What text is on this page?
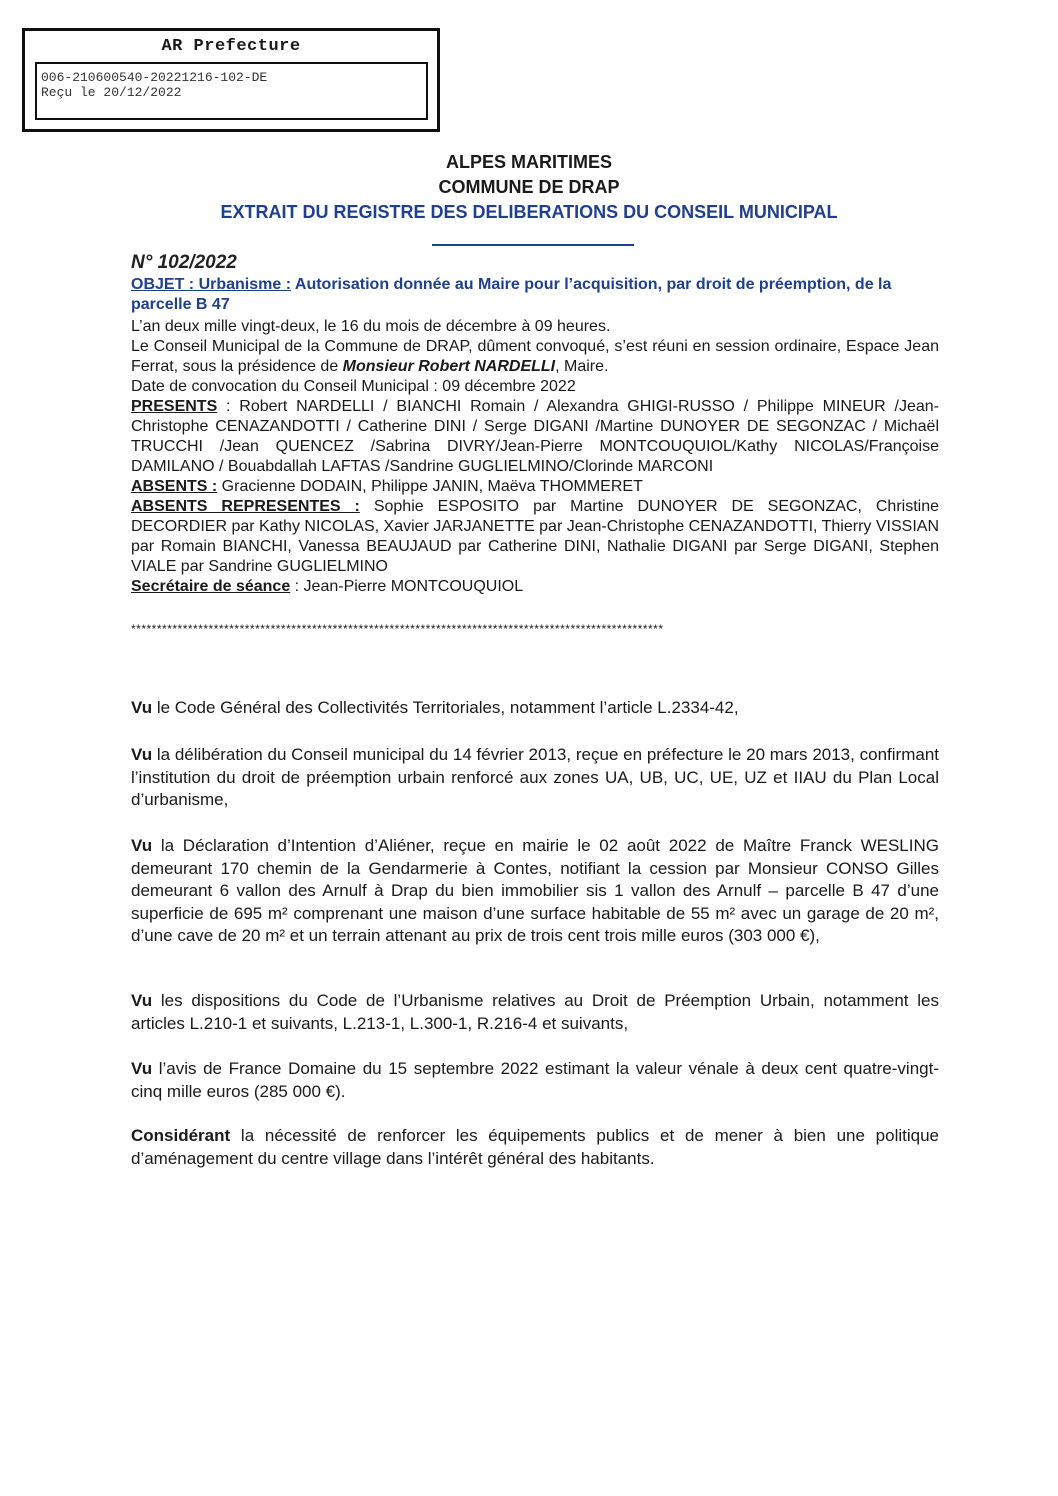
AR Prefecture
006-210600540-20221216-102-DE
Reçu le 20/12/2022
ALPES MARITIMES
COMMUNE DE DRAP
EXTRAIT DU REGISTRE DES DELIBERATIONS DU CONSEIL MUNICIPAL
N° 102/2022
OBJET : Urbanisme : Autorisation donnée au Maire pour l’acquisition, par droit de préemption, de la parcelle B 47

L’an deux mille vingt-deux, le 16 du mois de décembre à 09 heures.

Le Conseil Municipal de la Commune de DRAP, dûment convoqué, s’est réuni en session ordinaire, Espace Jean Ferrat, sous la présidence de Monsieur Robert NARDELLI, Maire.

Date de convocation du Conseil Municipal : 09 décembre 2022

PRESENTS : Robert NARDELLI / BIANCHI Romain / Alexandra GHIGI-RUSSO / Philippe MINEUR /Jean-Christophe CENAZANDOTTI / Catherine DINI / Serge DIGANI /Martine DUNOYER DE SEGONZAC / Michaël TRUCCHI /Jean QUENCEZ /Sabrina DIVRY/Jean-Pierre MONTCOUQUIOL/Kathy NICOLAS/Françoise DAMILANO / Bouabdallah LAFTAS /Sandrine GUGLIELMINO/Clorinde MARCONI

ABSENTS : Gracienne DODAIN, Philippe JANIN, Maëva THOMMERET

ABSENTS REPRESENTES : Sophie ESPOSITO par Martine DUNOYER DE SEGONZAC, Christine DECORDIER par Kathy NICOLAS, Xavier JARJANETTE par Jean-Christophe CENAZANDOTTI, Thierry VISSIAN par Romain BIANCHI, Vanessa BEAUJAUD par Catherine DINI, Nathalie DIGANI par Serge DIGANI, Stephen VIALE par Sandrine GUGLIELMINO

Secrétaire de séance : Jean-Pierre MONTCOUQUIOL

*******************************************************************************************************
Vu le Code Général des Collectivités Territoriales, notamment l’article L.2334-42,
Vu la délibération du Conseil municipal du 14 février 2013, reçue en préfecture le 20 mars 2013, confirmant l’institution du droit de préemption urbain renforcé aux zones UA, UB, UC, UE, UZ et IIAU du Plan Local d’urbanisme,
Vu la Déclaration d’Intention d’Aliéner, reçue en mairie le 02 août 2022 de Maître Franck WESLING demeurant 170 chemin de la Gendarmerie à Contes, notifiant la cession par Monsieur CONSO Gilles demeurant 6 vallon des Arnulf à Drap du bien immobilier sis 1 vallon des Arnulf – parcelle B 47 d’une superficie de 695 m² comprenant une maison d’une surface habitable de 55 m² avec un garage de 20 m², d’une cave de 20 m² et un terrain attenant au prix de trois cent trois mille euros (303 000 €),
Vu les dispositions du Code de l’Urbanisme relatives au Droit de Préemption Urbain, notamment les articles L.210-1 et suivants, L.213-1, L.300-1, R.216-4 et suivants,
Vu l’avis de France Domaine du 15 septembre 2022 estimant la valeur vénale à deux cent quatre-vingt-cinq mille euros (285 000 €).
Considérant la nécessité de renforcer les équipements publics et de mener à bien une politique d’aménagement du centre village dans l’intérêt général des habitants.
